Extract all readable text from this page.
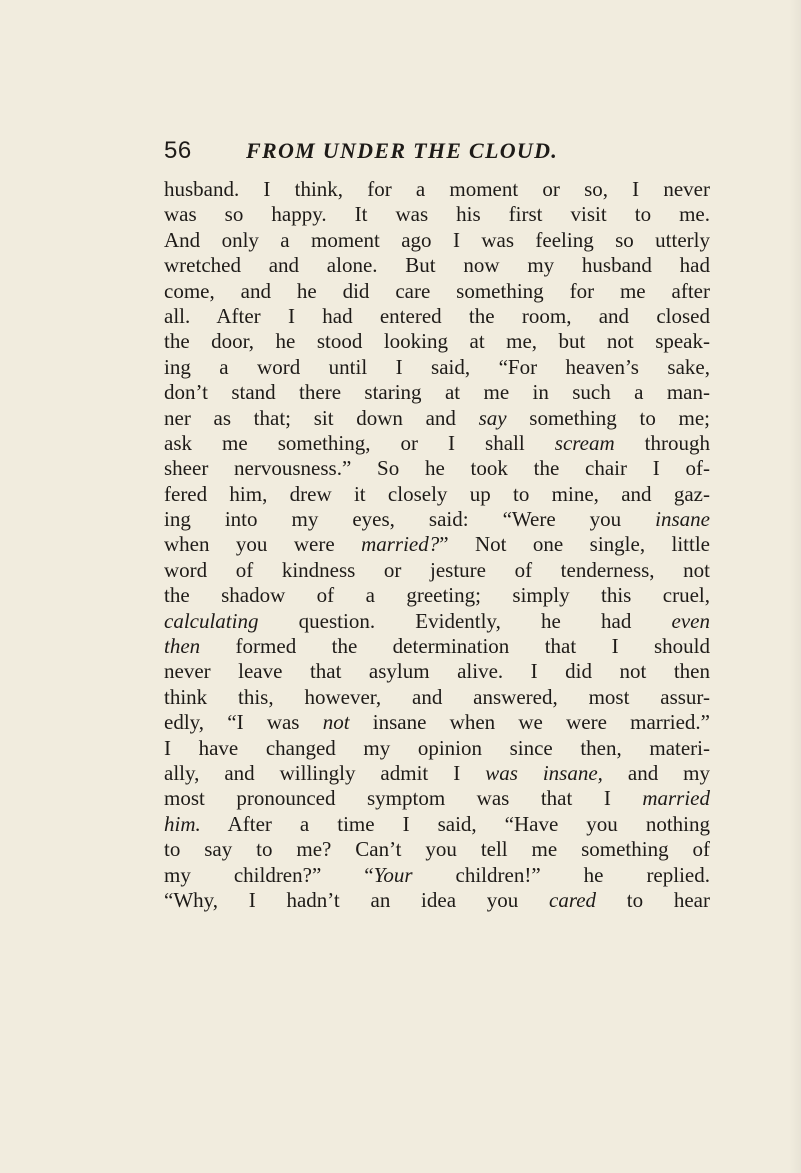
56 FROM UNDER THE CLOUD.
husband. I think, for a moment or so, I never
was so happy. It was his first visit to me.
And only a moment ago I was feeling so utterly
wretched and alone. But now my husband had
come, and he did care something for me after
all. After I had entered the room, and closed
the door, he stood looking at me, but not speak-
ing a word until I said, “For heaven’s sake,
don’t stand there staring at me in such a man-
ner as that; sit down and say something to me;
ask me something, or I shall scream through
sheer nervousness.” So he took the chair I of-
fered him, drew it closely up to mine, and gaz-
ing into my eyes, said: “Were you insane
when you were married?” Not one single, little
word of kindness or jesture of tenderness, not
the shadow of a greeting; simply this cruel,
calculating question. Evidently, he had even
then formed the determination that I should
never leave that asylum alive. I did not then
think this, however, and answered, most assur-
edly, “I was not insane when we were married.”
I have changed my opinion since then, materi-
ally, and willingly admit I was insane, and my
most pronounced symptom was that I married
him. After a time I said, “Have you nothing
to say to me? Can’t you tell me something of
my children?” “Your children!” he replied.
“Why, I hadn’t an idea you cared to hear
